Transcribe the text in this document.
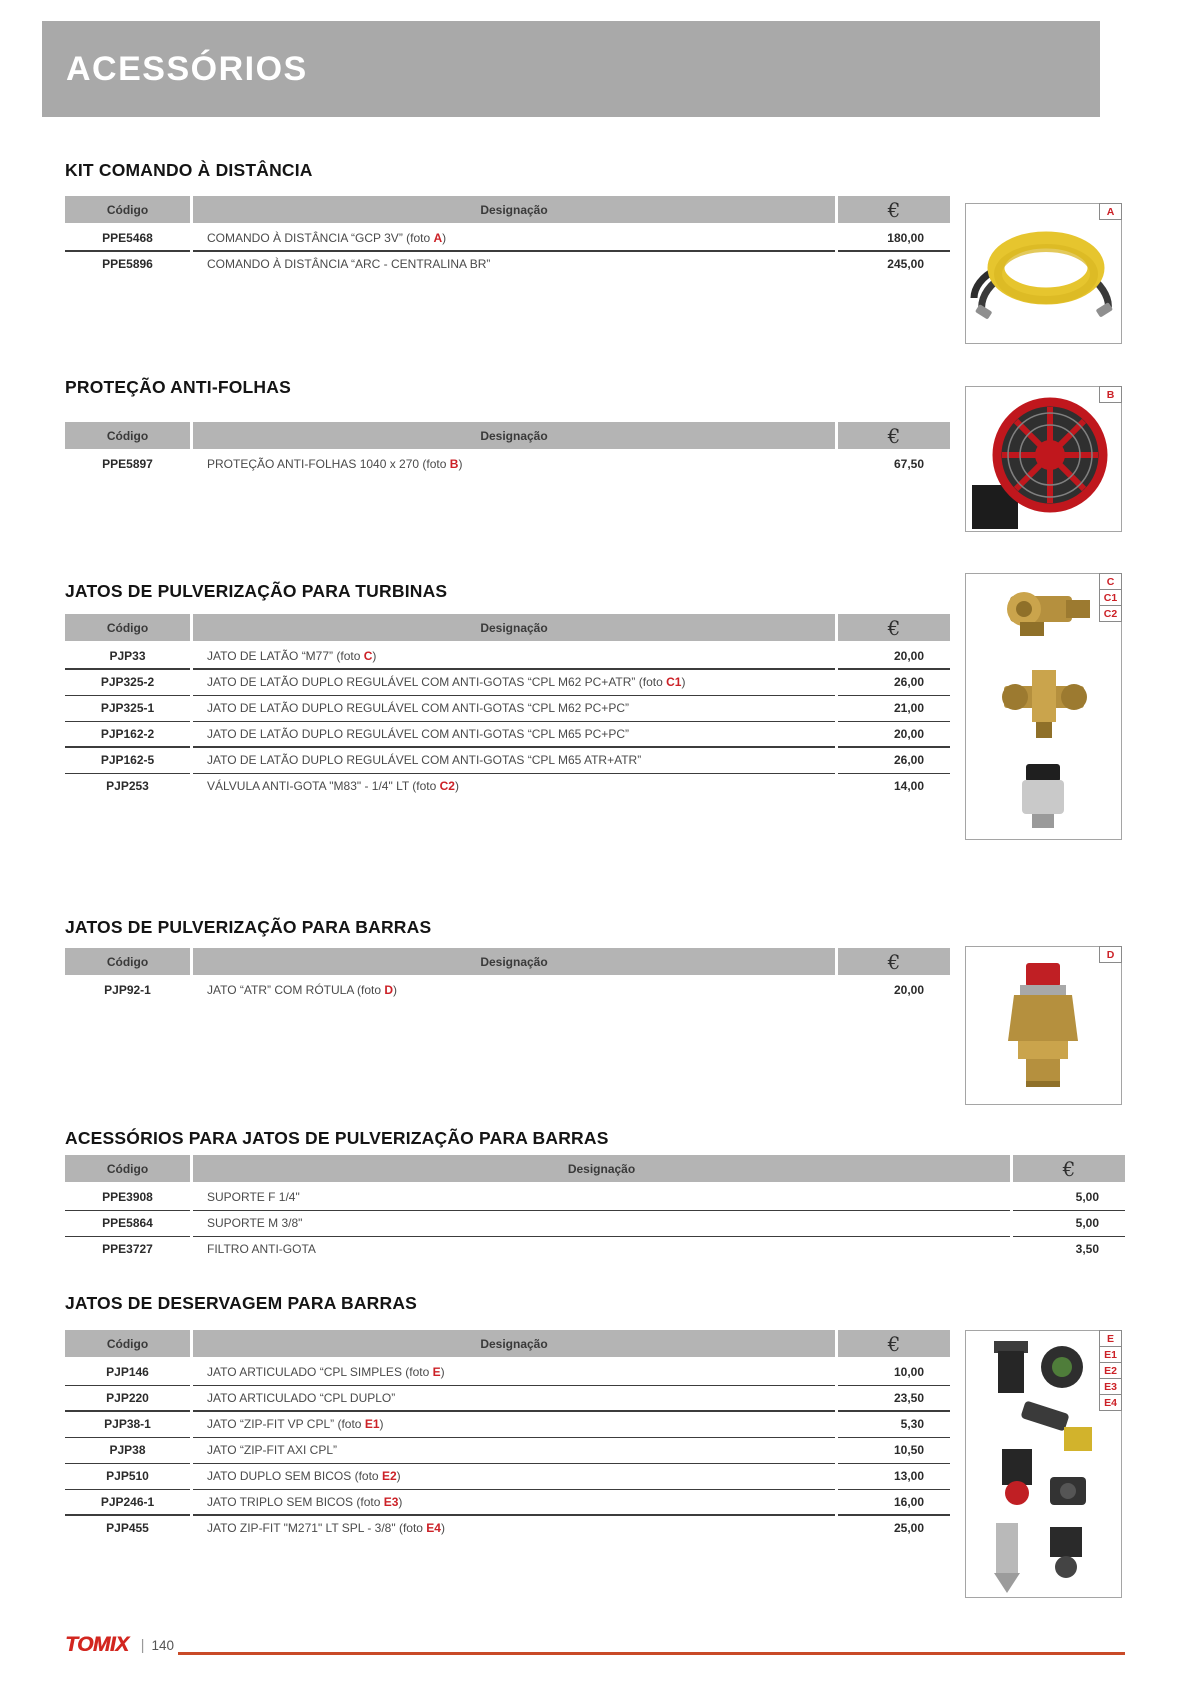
ACESSÓRIOS
KIT COMANDO À DISTÂNCIA
Código	Designação	€
PPE5468	COMANDO À DISTÂNCIA “GCP 3V” (foto A)	180,00
PPE5896	COMANDO À DISTÂNCIA “ARC - CENTRALINA BR”	245,00
A
PROTEÇÃO ANTI-FOLHAS
Código	Designação	€
PPE5897	PROTEÇÃO ANTI-FOLHAS 1040 x 270 (foto B)	67,50
B
JATOS DE PULVERIZAÇÃO PARA TURBINAS
Código	Designação	€
PJP33	JATO DE LATÃO “M77” (foto C)	20,00
PJP325-2	JATO DE LATÃO DUPLO REGULÁVEL COM ANTI-GOTAS “CPL M62 PC+ATR” (foto C1)	26,00
PJP325-1	JATO DE LATÃO DUPLO REGULÁVEL COM ANTI-GOTAS “CPL M62 PC+PC”	21,00
PJP162-2	JATO DE LATÃO DUPLO REGULÁVEL COM ANTI-GOTAS “CPL M65 PC+PC”	20,00
PJP162-5	JATO DE LATÃO DUPLO REGULÁVEL COM ANTI-GOTAS “CPL M65 ATR+ATR”	26,00
PJP253	VÁLVULA ANTI-GOTA "M83" - 1/4" LT (foto C2)	14,00
C
C1
C2
JATOS DE PULVERIZAÇÃO PARA BARRAS
Código	Designação	€
PJP92-1	JATO “ATR” COM RÓTULA (foto D)	20,00
D
ACESSÓRIOS PARA JATOS DE PULVERIZAÇÃO PARA BARRAS
Código	Designação	€
PPE3908	SUPORTE F 1/4"	5,00
PPE5864	SUPORTE M 3/8"	5,00
PPE3727	FILTRO ANTI-GOTA	3,50
JATOS DE DESERVAGEM PARA BARRAS
Código	Designação	€
PJP146	JATO ARTICULADO “CPL SIMPLES (foto E)	10,00
PJP220	JATO ARTICULADO “CPL DUPLO”	23,50
PJP38-1	JATO “ZIP-FIT VP CPL” (foto E1)	5,30
PJP38	JATO “ZIP-FIT AXI CPL”	10,50
PJP510	JATO DUPLO SEM BICOS (foto E2)	13,00
PJP246-1	JATO TRIPLO SEM BICOS (foto E3)	16,00
PJP455	JATO ZIP-FIT "M271" LT SPL - 3/8" (foto E4)	25,00
E
E1
E2
E3
E4
TOMIX | 140
